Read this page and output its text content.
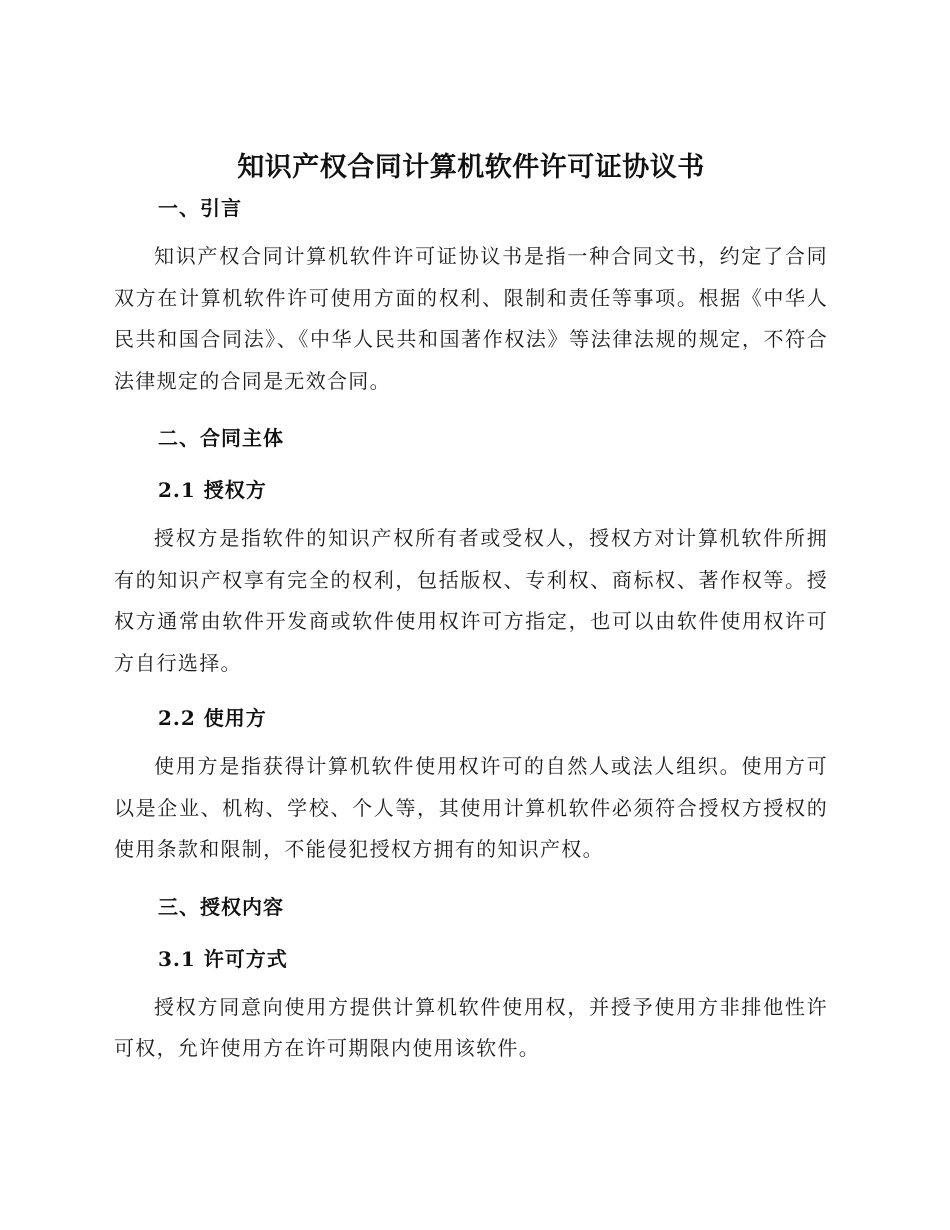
知识产权合同计算机软件许可证协议书
一、引言

知识产权合同计算机软件许可证协议书是指一种合同文书，约定了合同双方在计算机软件许可使用方面的权利、限制和责任等事项。根据《中华人民共和国合同法》、《中华人民共和国著作权法》等法律法规的规定，不符合法律规定的合同是无效合同。

二、合同主体
2.1 授权方

授权方是指软件的知识产权所有者或受权人，授权方对计算机软件所拥有的知识产权享有完全的权利，包括版权、专利权、商标权、著作权等。授权方通常由软件开发商或软件使用权许可方指定，也可以由软件使用权许可方自行选择。

2.2 使用方

使用方是指获得计算机软件使用权许可的自然人或法人组织。使用方可以是企业、机构、学校、个人等，其使用计算机软件必须符合授权方授权的使用条款和限制，不能侵犯授权方拥有的知识产权。

三、授权内容
3.1 许可方式

授权方同意向使用方提供计算机软件使用权，并授予使用方非排他性许可权，允许使用方在许可期限内使用该软件。
